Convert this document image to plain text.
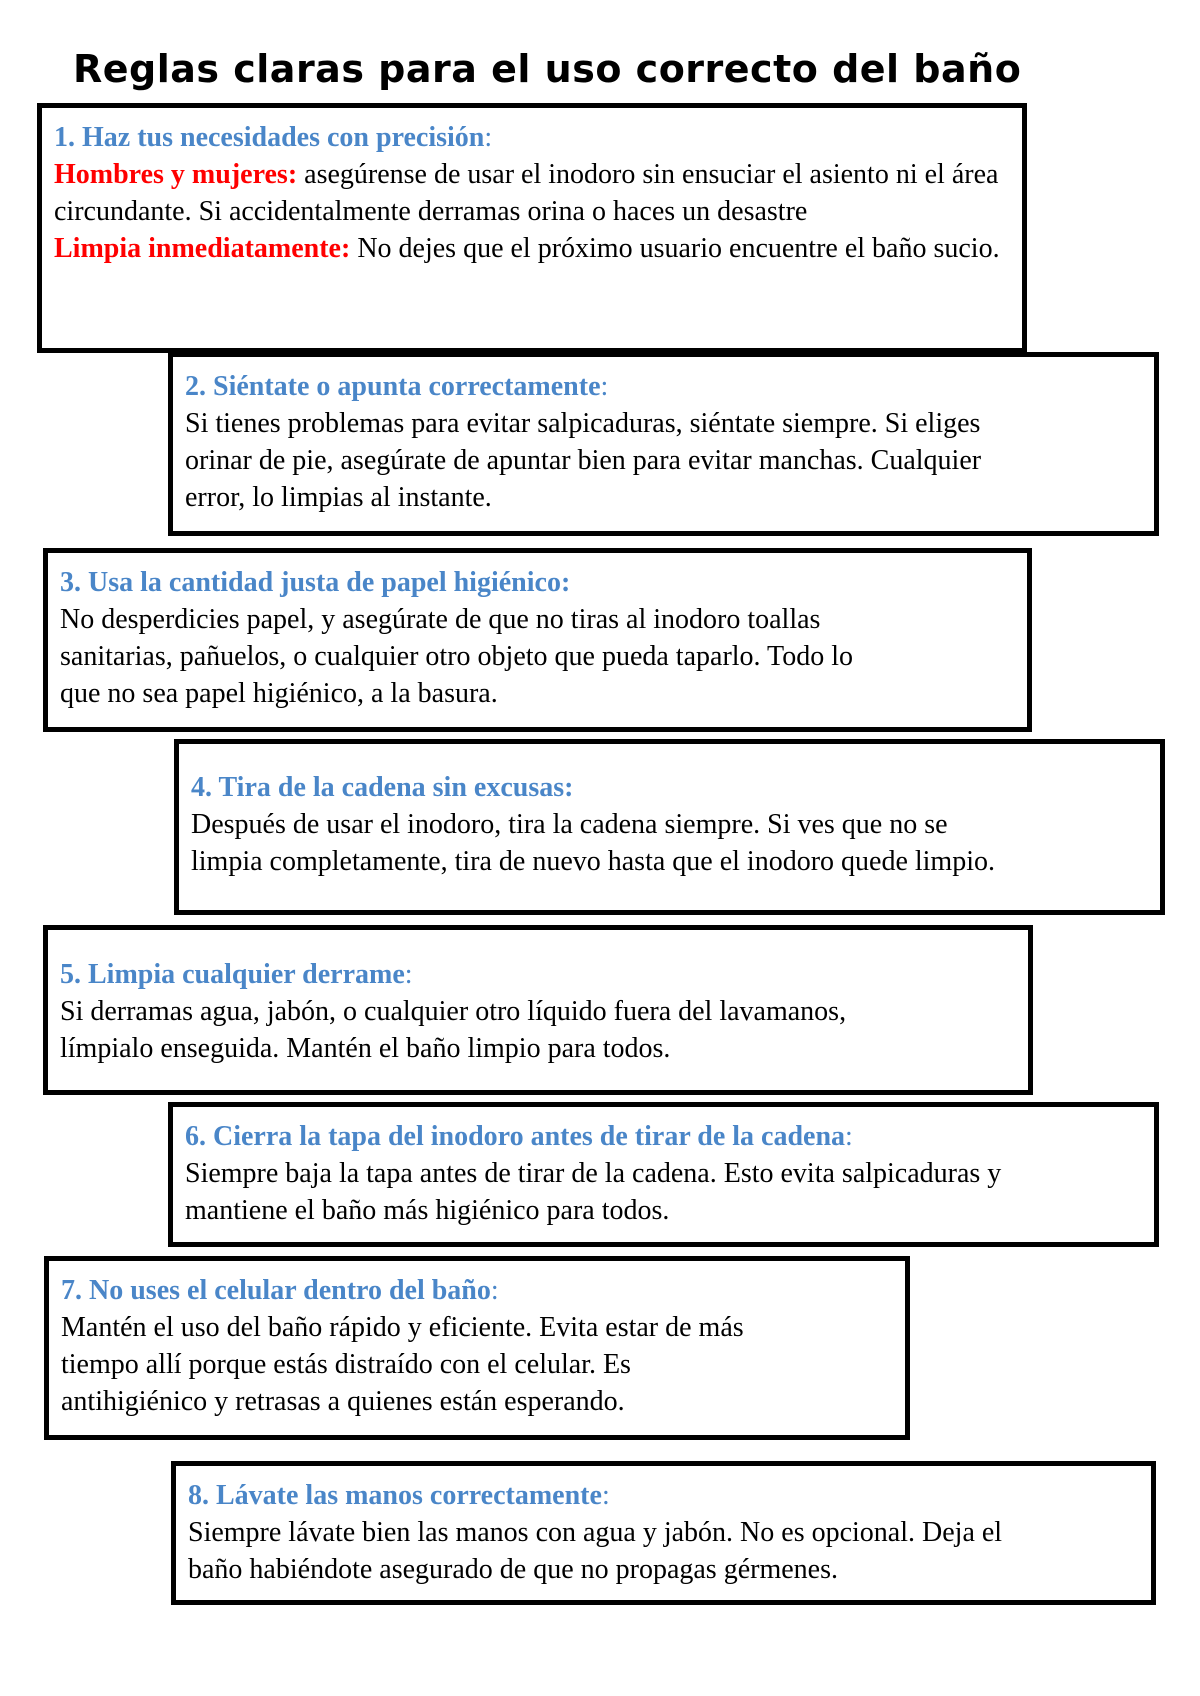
Reglas claras para el uso correcto del baño
1. Haz tus necesidades con precisión:
Hombres y mujeres: asegúrense de usar el inodoro sin ensuciar el asiento ni el área circundante. Si accidentalmente derramas orina o haces un desastre
Limpia inmediatamente: No dejes que el próximo usuario encuentre el baño sucio.
2. Siéntate o apunta correctamente:
Si tienes problemas para evitar salpicaduras, siéntate siempre. Si eliges
orinar de pie, asegúrate de apuntar bien para evitar manchas. Cualquier
error, lo limpias al instante.
3. Usa la cantidad justa de papel higiénico:
No desperdicies papel, y asegúrate de que no tiras al inodoro toallas
sanitarias, pañuelos, o cualquier otro objeto que pueda taparlo. Todo lo
que no sea papel higiénico, a la basura.
4. Tira de la cadena sin excusas:
Después de usar el inodoro, tira la cadena siempre. Si ves que no se
limpia completamente, tira de nuevo hasta que el inodoro quede limpio.
5. Limpia cualquier derrame:
Si derramas agua, jabón, o cualquier otro líquido fuera del lavamanos,
límpialo enseguida. Mantén el baño limpio para todos.
6. Cierra la tapa del inodoro antes de tirar de la cadena:
Siempre baja la tapa antes de tirar de la cadena. Esto evita salpicaduras y
mantiene el baño más higiénico para todos.
7. No uses el celular dentro del baño:
Mantén el uso del baño rápido y eficiente. Evita estar de más
tiempo allí porque estás distraído con el celular. Es
antihigiénico y retrasas a quienes están esperando.
8. Lávate las manos correctamente:
Siempre lávate bien las manos con agua y jabón. No es opcional. Deja el
baño habiéndote asegurado de que no propagas gérmenes.
